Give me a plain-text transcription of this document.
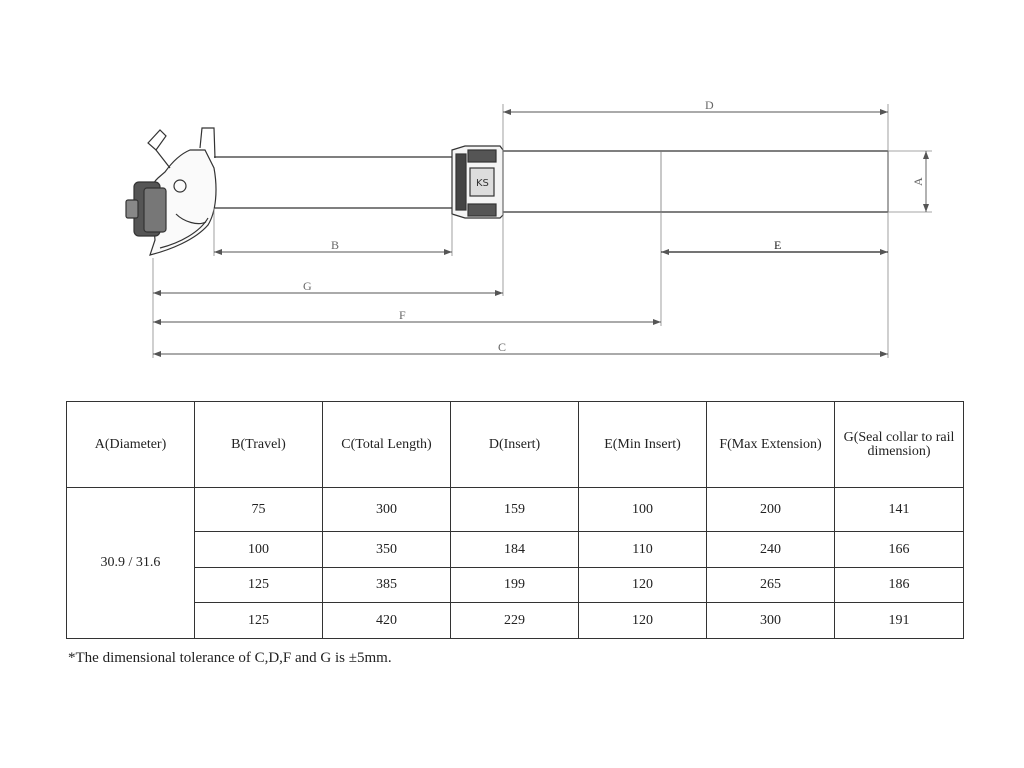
KS
D
A
B	E
G
F
C
A(Diameter)	B(Travel)	C(Total Length)	D(Insert)	E(Min Insert)	F(Max Extension)	G(Seal collar to rail dimension)
30.9 / 31.6	75	300	159	100	200	141
	100	350	184	110	240	166
	125	385	199	120	265	186
	125	420	229	120	300	191
*The dimensional tolerance of C,D,F and G is ±5mm.
